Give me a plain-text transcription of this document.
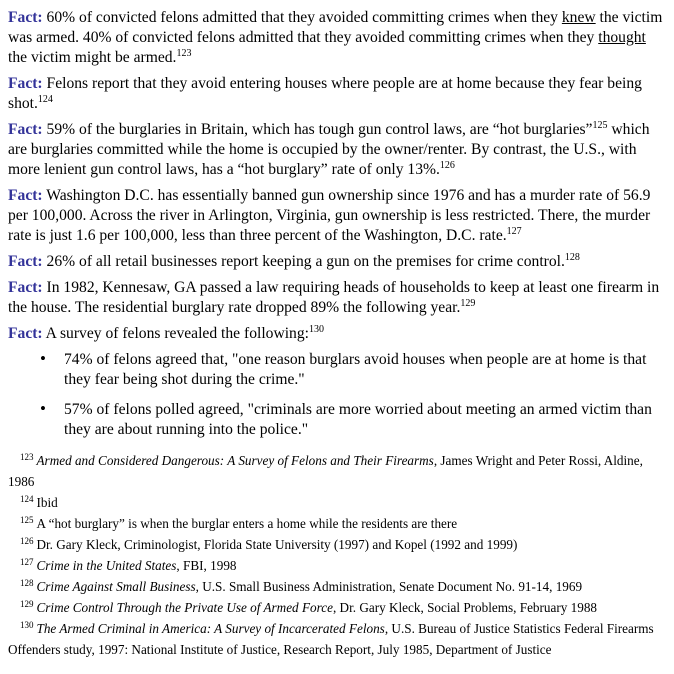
Fact: 60% of convicted felons admitted that they avoided committing crimes when they knew the victim was armed. 40% of convicted felons admitted that they avoided committing crimes when they thought the victim might be armed.$^{123}$

Fact: Felons report that they avoid entering houses where people are at home because they fear being shot.$^{124}$

Fact: 59% of the burglaries in Britain, which has tough gun control laws, are “hot burglaries”$^{125}$ which are burglaries committed while the home is occupied by the owner/renter. By contrast, the U.S., with more lenient gun control laws, has a “hot burglary” rate of only 13%.$^{126}$

Fact: Washington D.C. has essentially banned gun ownership since 1976 and has a murder rate of 56.9 per 100,000. Across the river in Arlington, Virginia, gun ownership is less restricted. There, the murder rate is just 1.6 per 100,000, less than three percent of the Washington, D.C. rate.$^{127}$

Fact: 26% of all retail businesses report keeping a gun on the premises for crime control.$^{128}$

Fact: In 1982, Kennesaw, GA passed a law requiring heads of households to keep at least one firearm in the house. The residential burglary rate dropped 89% the following year.$^{129}$

Fact: A survey of felons revealed the following:$^{130}$

• 74% of felons agreed that, "one reason burglars avoid houses when people are at home is that they fear being shot during the crime."
• 57% of felons polled agreed, "criminals are more worried about meeting an armed victim than they are about running into the police."
$^{123}$ Armed and Considered Dangerous: A Survey of Felons and Their Firearms, James Wright and Peter Rossi, Aldine, 1986
$^{124}$ Ibid
$^{125}$ A “hot burglary” is when the burglar enters a home while the residents are there
$^{126}$ Dr. Gary Kleck, Criminologist, Florida State University (1997) and Kopel (1992 and 1999)
$^{127}$ Crime in the United States, FBI, 1998
$^{128}$ Crime Against Small Business, U.S. Small Business Administration, Senate Document No. 91-14, 1969
$^{129}$ Crime Control Through the Private Use of Armed Force, Dr. Gary Kleck, Social Problems, February 1988
$^{130}$ The Armed Criminal in America: A Survey of Incarcerated Felons, U.S. Bureau of Justice Statistics Federal Firearms Offenders study, 1997: National Institute of Justice, Research Report, July 1985, Department of Justice
